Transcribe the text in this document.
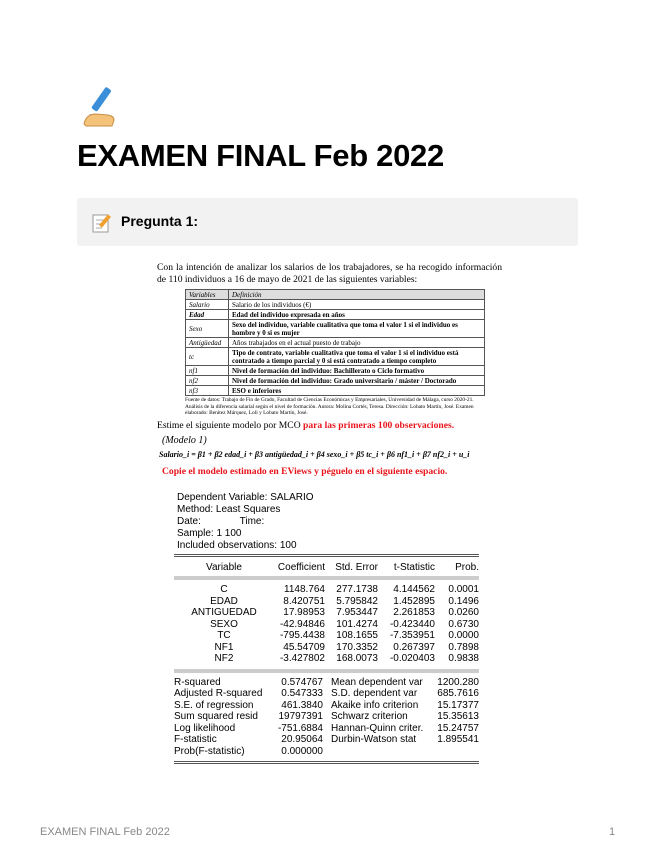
EXAMEN FINAL Feb 2022
Pregunta 1:
Con la intención de analizar los salarios de los trabajadores, se ha recogido información de 110 individuos a 16 de mayo de 2021 de las siguientes variables:
Variables	Definición
Salario	Salario de los individuos (€)
Edad	Edad del individuo expresada en años
Sexo	Sexo del individuo, variable cualitativa que toma el valor 1 si el individuo es hombre y 0 si es mujer
Antigüedad	Años trabajados en el actual puesto de trabajo
tc	Tipo de contrato, variable cualitativa que toma el valor 1 si el individuo está contratado a tiempo parcial y 0 si está contratado a tiempo completo
nf1	Nivel de formación del individuo: Bachillerato o Ciclo formativo
nf2	Nivel de formación del individuo: Grado universitario / máster / Doctorado
nf3	ESO e inferiores
Fuente de datos: Trabajo de Fin de Grado, Facultad de Ciencias Económicas y Empresariales, Universidad de Málaga, curso 2020-21. Análisis de la diferencia salarial según el nivel de formación. Autora: Molina Cortés, Teresa. Dirección: Lobato Martín, José. Examen elaborado: Benítez Márquez, Loli y Lobato Martín, José.
Estime el siguiente modelo por MCO para las primeras 100 observaciones.
(Modelo 1)
Salario_i = β1 + β2 edad_i + β3 antigüedad_i + β4 sexo_i + β5 tc_i + β6 nf1_i + β7 nf2_i + u_i
Copie el modelo estimado en EViews y péguelo en el siguiente espacio.
Dependent Variable: SALARIO
Method: Least Squares
Date:              Time:
Sample: 1 100
Included observations: 100
Variable	Coefficient	Std. Error	t-Statistic	Prob.
C	1148.764	277.1738	4.144562	0.0001
EDAD	8.420751	5.795842	1.452895	0.1496
ANTIGUEDAD	17.98953	7.953447	2.261853	0.0260
SEXO	-42.94846	101.4274	-0.423440	0.6730
TC	-795.4438	108.1655	-7.353951	0.0000
NF1	45.54709	170.3352	0.267397	0.7898
NF2	-3.427802	168.0073	-0.020403	0.9838
R-squared	0.574767 Mean dependent var	1200.280
Adjusted R-squared	0.547333 S.D. dependent var	685.7616
S.E. of regression	461.3840 Akaike info criterion	15.17377
Sum squared resid	19797391 Schwarz criterion	15.35613
Log likelihood	-751.6884 Hannan-Quinn criter.	15.24757
F-statistic	20.95064 Durbin-Watson stat	1.895541
Prob(F-statistic)	0.000000
EXAMEN FINAL Feb 2022	1
